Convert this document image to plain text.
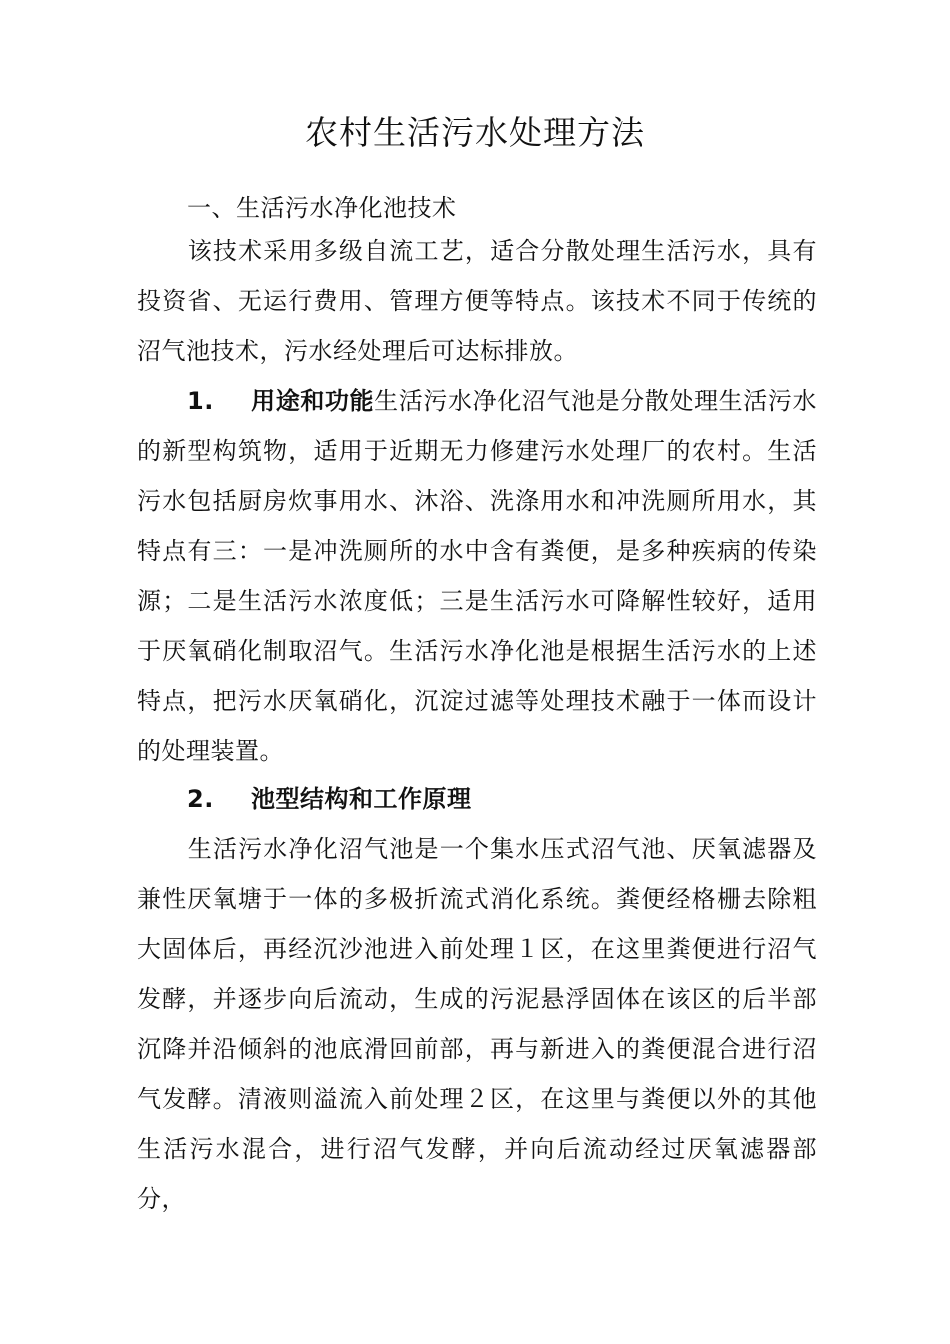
农村生活污水处理方法
一、生活污水净化池技术
该技术采用多级自流工艺，适合分散处理生活污水，具有投资省、无运行费用、管理方便等特点。该技术不同于传统的沼气池技术，污水经处理后可达标排放。
1. 用途和功能生活污水净化沼气池是分散处理生活污水的新型构筑物，适用于近期无力修建污水处理厂的农村。生活污水包括厨房炊事用水、沐浴、洗涤用水和冲洗厕所用水，其特点有三：一是冲洗厕所的水中含有粪便，是多种疾病的传染源；二是生活污水浓度低；三是生活污水可降解性较好，适用于厌氧硝化制取沼气。生活污水净化池是根据生活污水的上述特点，把污水厌氧硝化，沉淀过滤等处理技术融于一体而设计的处理装置。
2. 池型结构和工作原理
生活污水净化沼气池是一个集水压式沼气池、厌氧滤器及兼性厌氧塘于一体的多极折流式消化系统。粪便经格栅去除粗大固体后，再经沉沙池进入前处理１区，在这里粪便进行沼气发酵，并逐步向后流动，生成的污泥悬浮固体在该区的后半部沉降并沿倾斜的池底滑回前部，再与新进入的粪便混合进行沼气发酵。清液则溢流入前处理２区，在这里与粪便以外的其他生活污水混合，进行沼气发酵，并向后流动经过厌氧滤器部分，
